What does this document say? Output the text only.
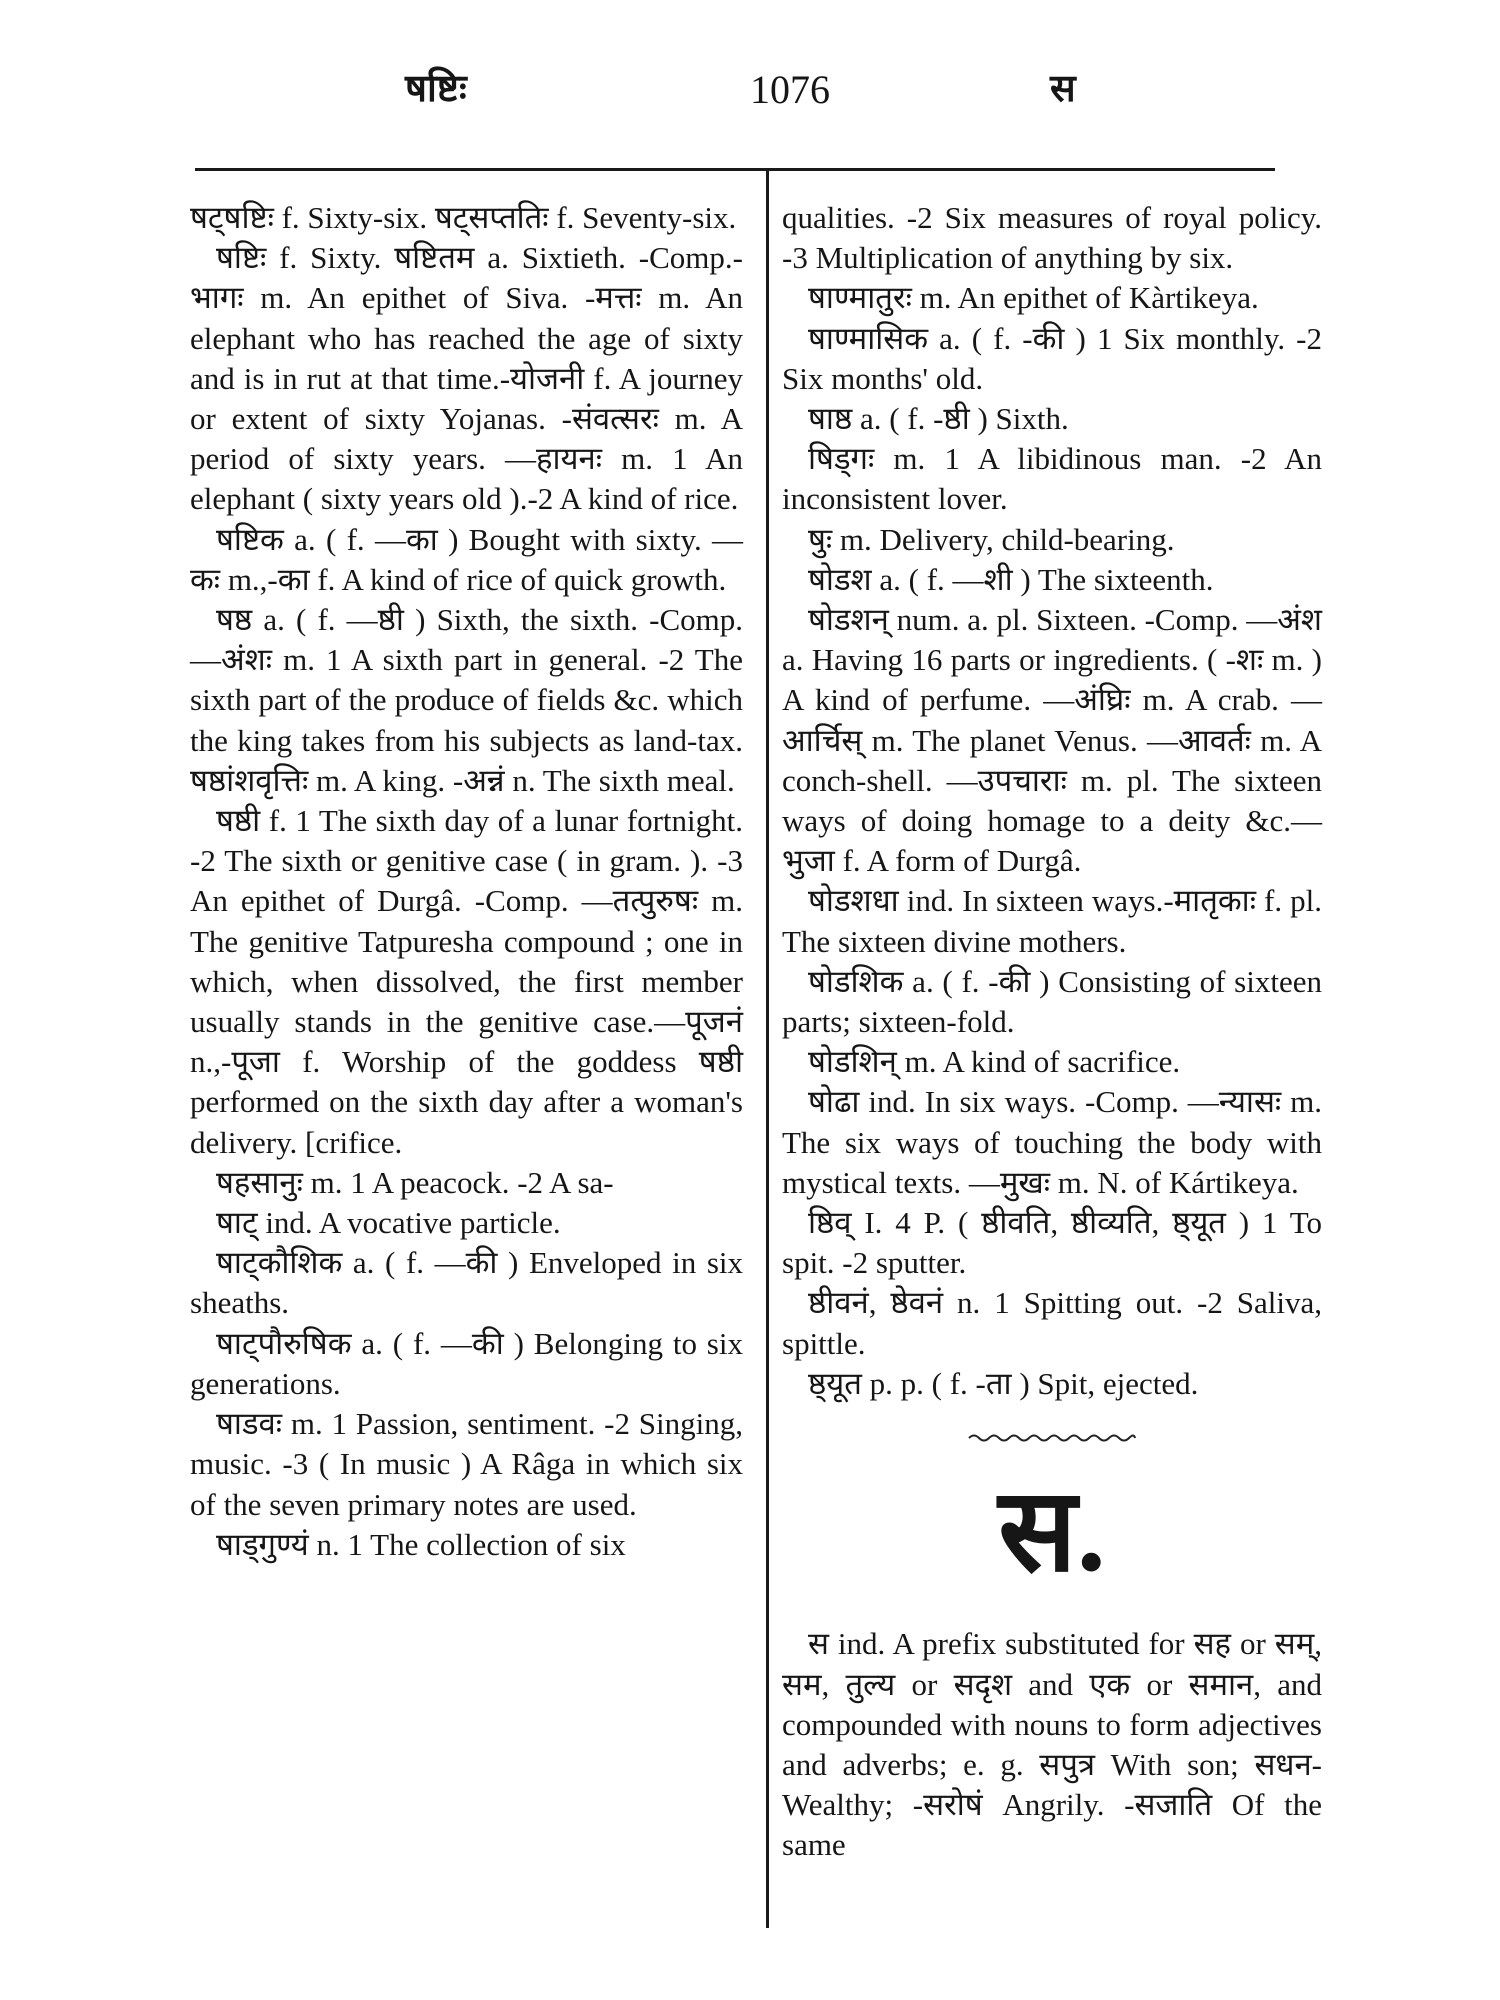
षष्टिः	1076	स

षट्षष्टिः f. Sixty-six. षट्सप्ततिः f. Seventy-six.

षष्टिः f. Sixty. षष्टितम a. Sixtieth. -Comp.-भागः m. An epithet of Siva. -मत्तः m. An elephant who has reached the age of sixty and is in rut at that time.-योजनी f. A journey or extent of sixty Yojanas. -संवत्सरः m. A period of sixty years. —हायनः m. 1 An elephant ( sixty years old ).-2 A kind of rice.

षष्टिक a. ( f. —का ) Bought with sixty. —कः m.,-का f. A kind of rice of quick growth.

षष्ठ a. ( f. —ष्ठी ) Sixth, the sixth. -Comp. —अंशः m. 1 A sixth part in general. -2 The sixth part of the produce of fields &c. which the king takes from his subjects as land-tax. षष्ठांशवृत्तिः m. A king. -अन्नं n. The sixth meal.

षष्ठी f. 1 The sixth day of a lunar fortnight. -2 The sixth or genitive case ( in gram. ). -3 An epithet of Durgâ. -Comp. —तत्पुरुषः m. The genitive Tatpuresha compound ; one in which, when dissolved, the first member usually stands in the genitive case.—पूजनं n.,-पूजा f. Worship of the goddess षष्ठी performed on the sixth day after a woman's delivery. [crifice.

षहसानुः m. 1 A peacock. -2 A sa-

षाट् ind. A vocative particle.

षाट्कौशिक a. ( f. —की ) Enveloped in six sheaths.

षाट्पौरुषिक a. ( f. —की ) Belonging to six generations.

षाडवः m. 1 Passion, sentiment. -2 Singing, music. -3 ( In music ) A Râga in which six of the seven primary notes are used.

षाड्गुण्यं n. 1 The collection of six

qualities. -2 Six measures of royal policy. -3 Multiplication of anything by six.

षाण्मातुरः m. An epithet of Kàrtikeya.

षाण्मासिक a. ( f. -की ) 1 Six monthly. -2 Six months' old.

षाष्ठ a. ( f. -ष्ठी ) Sixth.

षिड्गः m. 1 A libidinous man. -2 An inconsistent lover.

षुः m. Delivery, child-bearing.

षोडश a. ( f. —शी ) The sixteenth.

षोडशन् num. a. pl. Sixteen. -Comp. —अंश a. Having 16 parts or ingredients. ( -शः m. ) A kind of perfume. —अंघ्रिः m. A crab. —आर्चिस् m. The planet Venus. —आवर्तः m. A conch-shell. —उपचाराः m. pl. The sixteen ways of doing homage to a deity &c.—भुजा f. A form of Durgâ.

षोडशधा ind. In sixteen ways.-मातृकाः f. pl. The sixteen divine mothers.

षोडशिक a. ( f. -की ) Consisting of sixteen parts; sixteen-fold.

षोडशिन् m. A kind of sacrifice.

षोढा ind. In six ways. -Comp. —न्यासः m. The six ways of touching the body with mystical texts. —मुखः m. N. of Kártikeya.

ष्ठिव् I. 4 P. ( ष्ठीवति, ष्ठीव्यति, ष्ठ्यूत ) 1 To spit. -2 sputter.

ष्ठीवनं, ष्ठेवनं n. 1 Spitting out. -2 Saliva, spittle.

ष्ठ्यूत p. p. ( f. -ता ) Spit, ejected.

स.

स ind. A prefix substituted for सह or सम्, सम, तुल्य or सदृश and एक or समान, and compounded with nouns to form adjectives and adverbs; e. g. सपुत्र With son; सधन- Wealthy; -सरोषं Angrily. -सजाति Of the same
